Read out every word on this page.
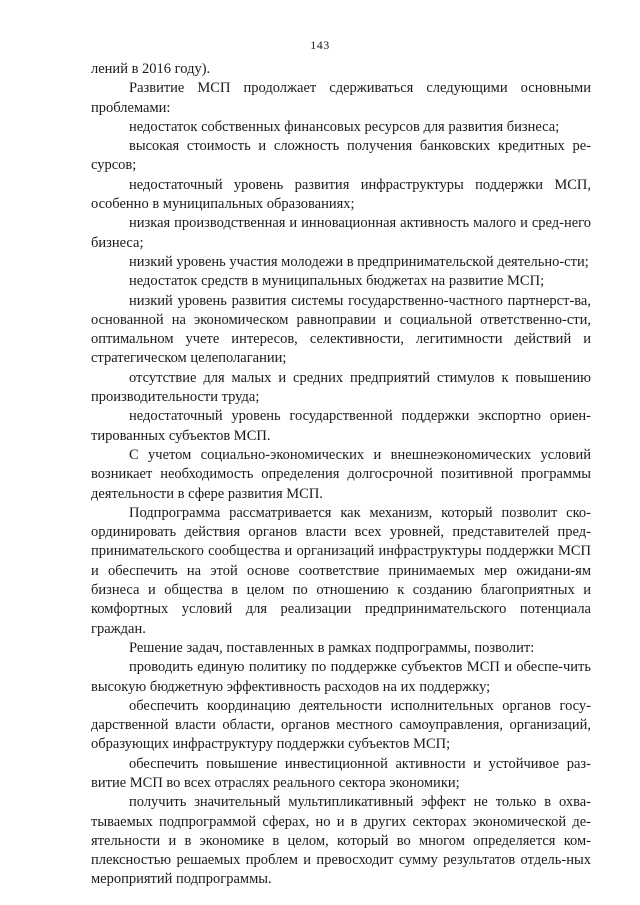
143

лений в 2016 году).

Развитие МСП продолжает сдерживаться следующими основными проблемами:

недостаток собственных финансовых ресурсов для развития бизнеса;

высокая стоимость и сложность получения банковских кредитных ре-сурсов;

недостаточный уровень развития инфраструктуры поддержки МСП, особенно в муниципальных образованиях;

низкая производственная и инновационная активность малого и сред-него бизнеса;

низкий уровень участия молодежи в предпринимательской деятельно-сти;

недостаток средств в муниципальных бюджетах на развитие МСП;

низкий уровень развития системы государственно-частного партнерст-ва, основанной на экономическом равноправии и социальной ответственно-сти, оптимальном учете интересов, селективности, легитимности действий и стратегическом целеполагании;

отсутствие для малых и средних предприятий стимулов к повышению производительности труда;

недостаточный уровень государственной поддержки экспортно ориен-тированных субъектов МСП.

С учетом социально-экономических и внешнеэкономических условий возникает необходимость определения долгосрочной позитивной программы деятельности в сфере развития МСП.

Подпрограмма рассматривается как механизм, который позволит ско-ординировать действия органов власти всех уровней, представителей пред-принимательского сообщества и организаций инфраструктуры поддержки МСП и обеспечить на этой основе соответствие принимаемых мер ожидани-ям бизнеса и общества в целом по отношению к созданию благоприятных и комфортных условий для реализации предпринимательского потенциала граждан.

Решение задач, поставленных в рамках подпрограммы, позволит:

проводить единую политику по поддержке субъектов МСП и обеспе-чить высокую бюджетную эффективность расходов на их поддержку;

обеспечить координацию деятельности исполнительных органов госу-дарственной власти области, органов местного самоуправления, организаций, образующих инфраструктуру поддержки субъектов МСП;

обеспечить повышение инвестиционной активности и устойчивое раз-витие МСП во всех отраслях реального сектора экономики;

получить значительный мультипликативный эффект не только в охва-тываемых подпрограммой сферах, но и в других секторах экономической де-ятельности и в экономике в целом, который во многом определяется ком-плексностью решаемых проблем и превосходит сумму результатов отдель-ных мероприятий подпрограммы.
